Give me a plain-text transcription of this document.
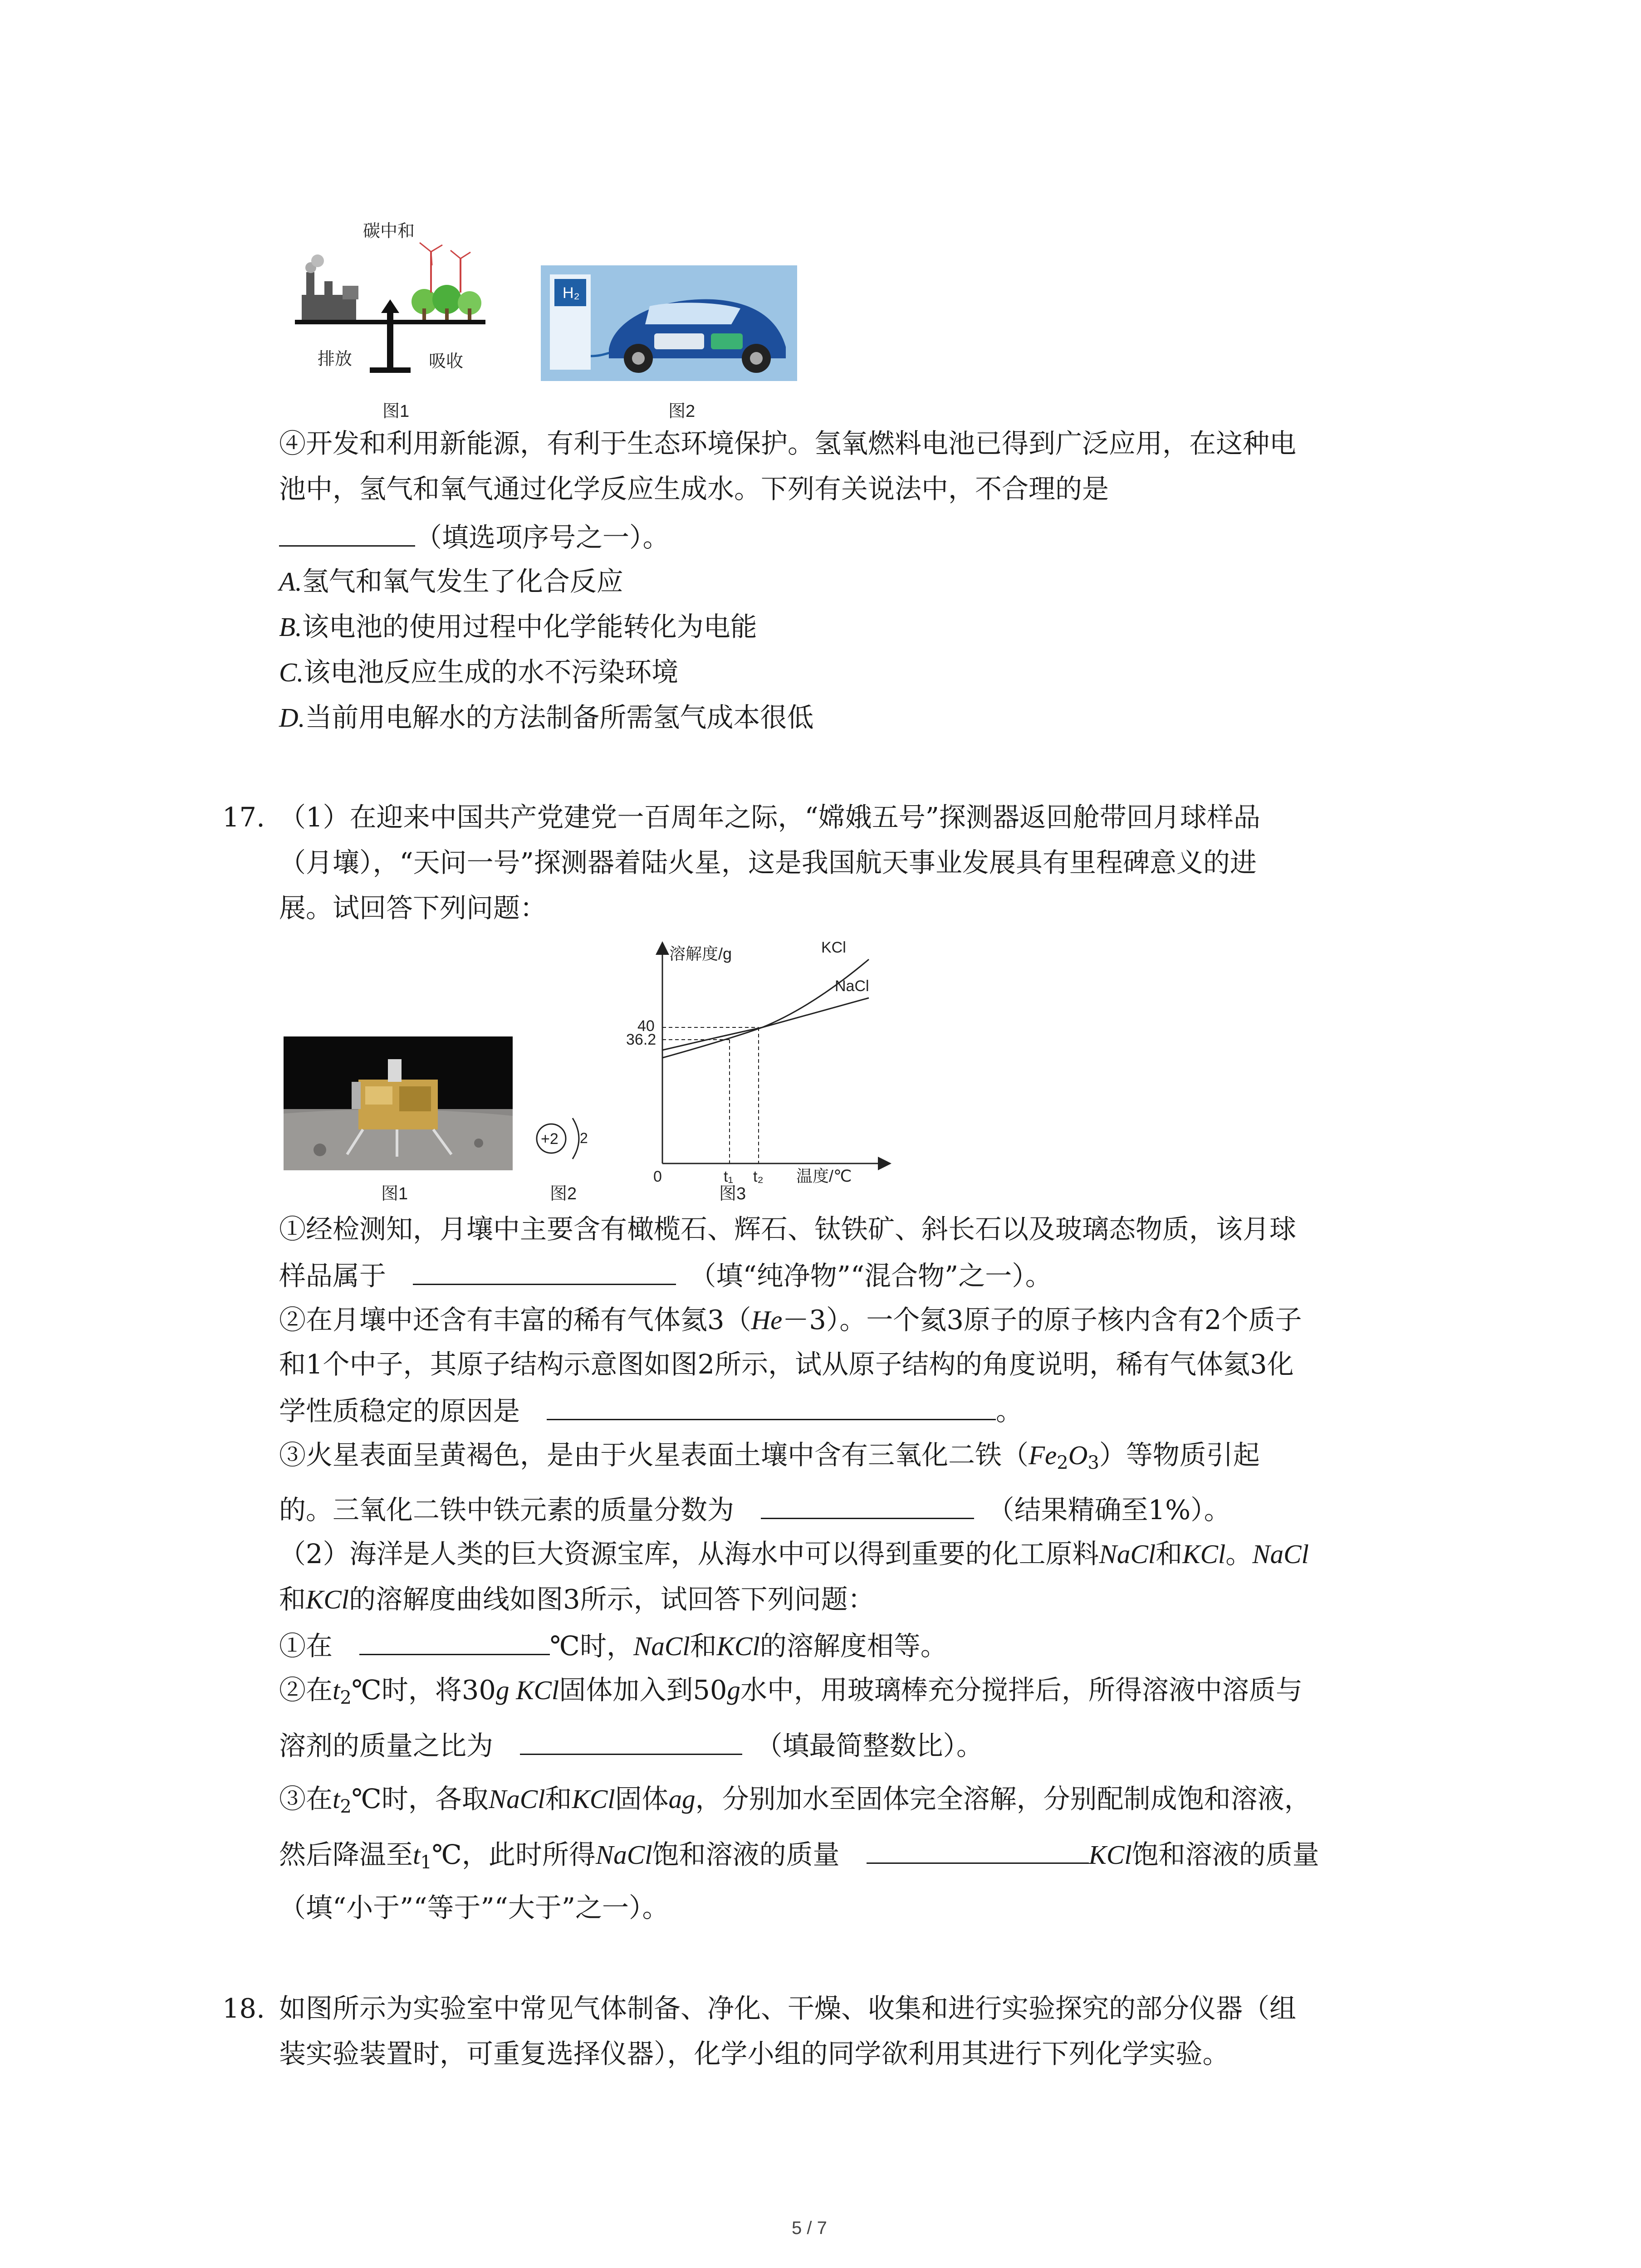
碳中和
排放	吸收
图1
H₂
图2
④开发和利用新能源，有利于生态环境保护。氢氧燃料电池已得到广泛应用，在这种电
池中，氢气和氧气通过化学反应生成水。下列有关说法中，不合理的是
（填选项序号之一）。
A.氢气和氧气发生了化合反应
B.该电池的使用过程中化学能转化为电能
C.该电池反应生成的水不污染环境
D.当前用电解水的方法制备所需氢气成本很低
17. （1）在迎来中国共产党建党一百周年之际，“嫦娥五号”探测器返回舱带回月球样品
（月壤），“天问一号”探测器着陆火星，这是我国航天事业发展具有里程碑意义的进
展。试回答下列问题：
图1
+2 2
图2
溶解度/g
温度/℃
0
40
36.2
t₁ t₂
KCl
NaCl
图3
①经检测知，月壤中主要含有橄榄石、辉石、钛铁矿、斜长石以及玻璃态物质，该月球
样品属于　　	（填“纯净物”“混合物”之一）。
②在月壤中还含有丰富的稀有气体氦3（He－3）。一个氦3原子的原子核内含有2个质子
和1个中子，其原子结构示意图如图2所示，试从原子结构的角度说明，稀有气体氦3化
学性质稳定的原因是　	。
③火星表面呈黄褐色，是由于火星表面土壤中含有三氧化二铁$(Fe_2O_3)$等物质引起
的。三氧化二铁中铁元素的质量分数为　　	（结果精确至1%）。
（2）海洋是人类的巨大资源宝库，从海水中可以得到重要的化工原料NaCl和KCl。NaCl
和KCl的溶解度曲线如图3所示，试回答下列问题：
①在　	℃时，NaCl和KCl的溶解度相等。
②在$t_2℃$时，将30g KCl固体加入到50g水中，用玻璃棒充分搅拌后，所得溶液中溶质与
溶剂的质量之比为　　	（填最简整数比）。
③在$t_2℃$时，各取NaCl和KCl固体ag，分别加水至固体完全溶解，分别配制成饱和溶液，
然后降温至$t_1℃$，此时所得NaCl饱和溶液的质量　	KCl饱和溶液的质量
（填“小于”“等于”“大于”之一）。
18. 如图所示为实验室中常见气体制备、净化、干燥、收集和进行实验探究的部分仪器（组
装实验装置时，可重复选择仪器），化学小组的同学欲利用其进行下列化学实验。
5 / 7
